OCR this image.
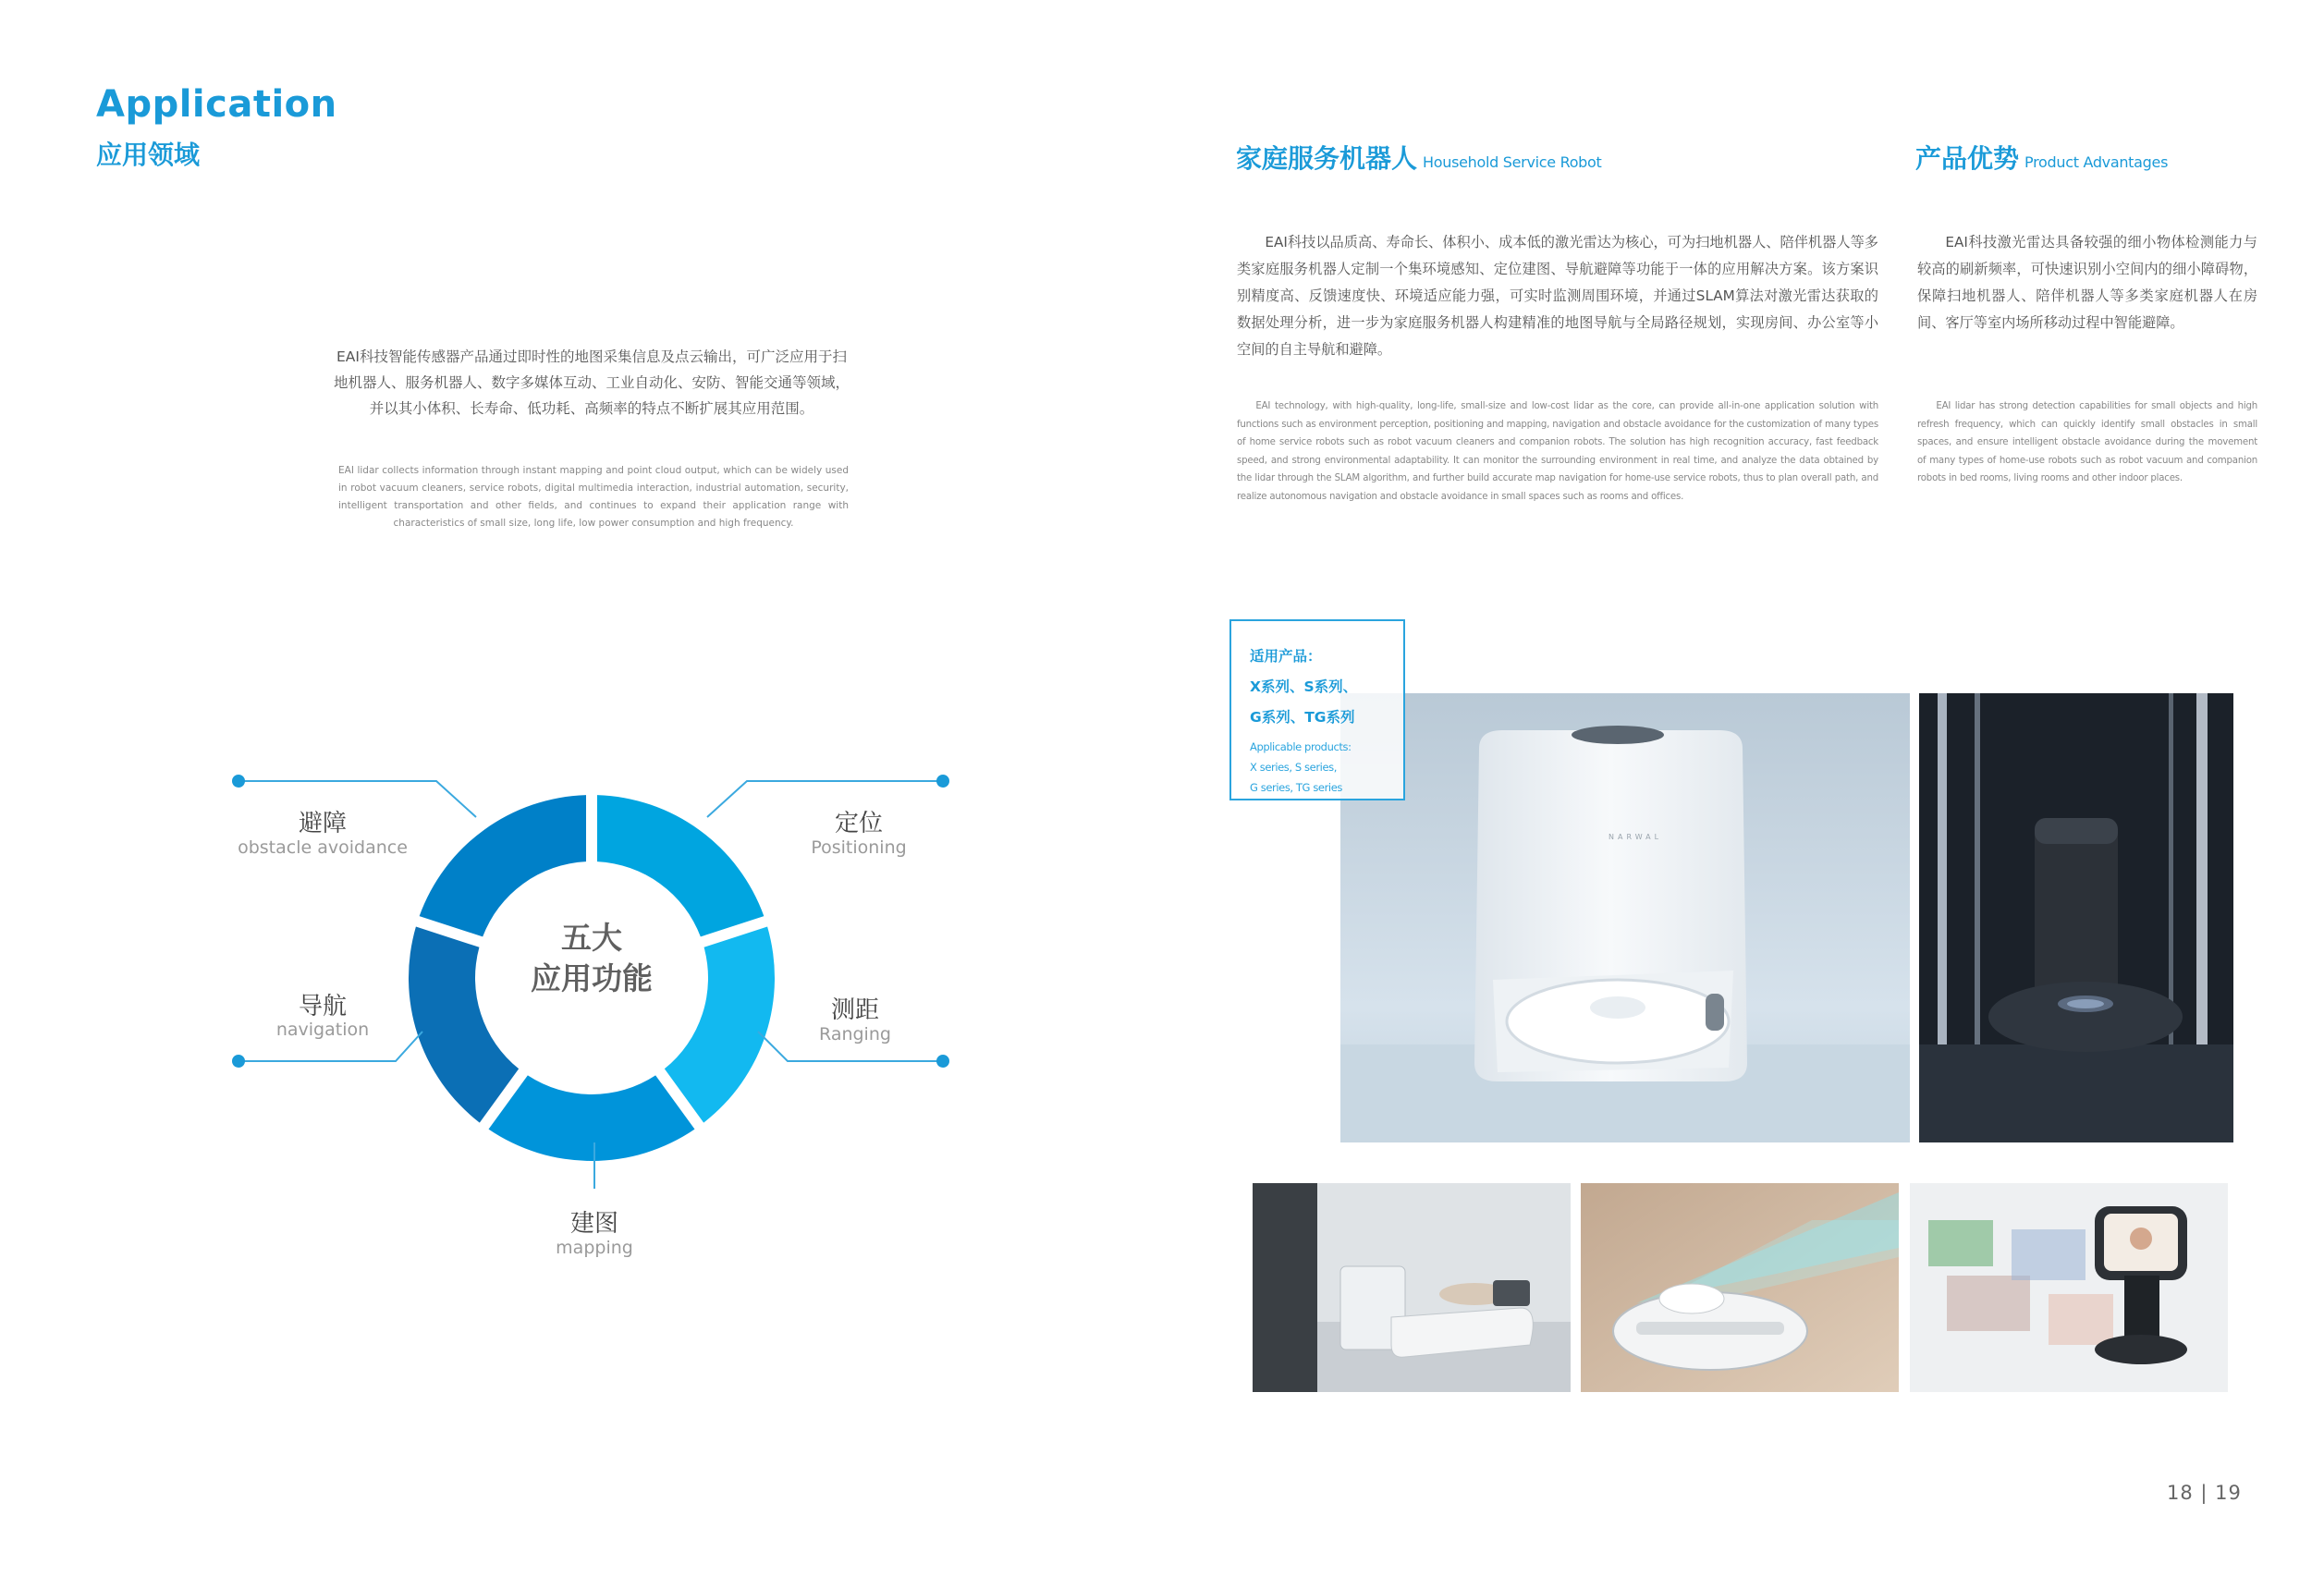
Application
应用领域
EAI科技智能传感器产品通过即时性的地图采集信息及点云输出，可广泛应用于扫地机器人、服务机器人、数字多媒体互动、工业自动化、安防、智能交通等领域，并以其小体积、长寿命、低功耗、高频率的特点不断扩展其应用范围。
EAI lidar collects information through instant mapping and point cloud output, which can be widely used in robot vacuum cleaners, service robots, digital multimedia interaction, industrial automation, security, intelligent transportation and other fields, and continues to expand their application range with characteristics of small size, long life, low power consumption and high frequency.
五大
应用功能
避障
obstacle avoidance
定位
Positioning
导航
navigation
测距
Ranging
建图
mapping
家庭服务机器人 Household Service Robot	产品优势 Product Advantages
EAI科技以品质高、寿命长、体积小、成本低的激光雷达为核心，可为扫地机器人、陪伴机器人等多类家庭服务机器人定制一个集环境感知、定位建图、导航避障等功能于一体的应用解决方案。该方案识别精度高、反馈速度快、环境适应能力强，可实时监测周围环境，并通过SLAM算法对激光雷达获取的数据处理分析，进一步为家庭服务机器人构建精准的地图导航与全局路径规划，实现房间、办公室等小空间的自主导航和避障。
EAI科技激光雷达具备较强的细小物体检测能力与较高的刷新频率，可快速识别小空间内的细小障碍物，保障扫地机器人、陪伴机器人等多类家庭机器人在房间、客厅等室内场所移动过程中智能避障。
EAI technology, with high-quality, long-life, small-size and low-cost lidar as the core, can provide all-in-one application solution with functions such as environment perception, positioning and mapping, navigation and obstacle avoidance for the customization of many types of home service robots such as robot vacuum cleaners and companion robots. The solution has high recognition accuracy, fast feedback speed, and strong environmental adaptability. It can monitor the surrounding environment in real time, and analyze the data obtained by the lidar through the SLAM algorithm, and further build accurate map navigation for home-use service robots, thus to plan overall path, and realize autonomous navigation and obstacle avoidance in small spaces such as rooms and offices.
EAI lidar has strong detection capabilities for small objects and high refresh frequency, which can quickly identify small obstacles in small spaces, and ensure intelligent obstacle avoidance during the movement of many types of home-use robots such as robot vacuum and companion robots in bed rooms, living rooms and other indoor places.
适用产品：
X系列、S系列、
G系列、TG系列
Applicable products:
X series, S series,
G series, TG series
NARWAL
18 | 19
